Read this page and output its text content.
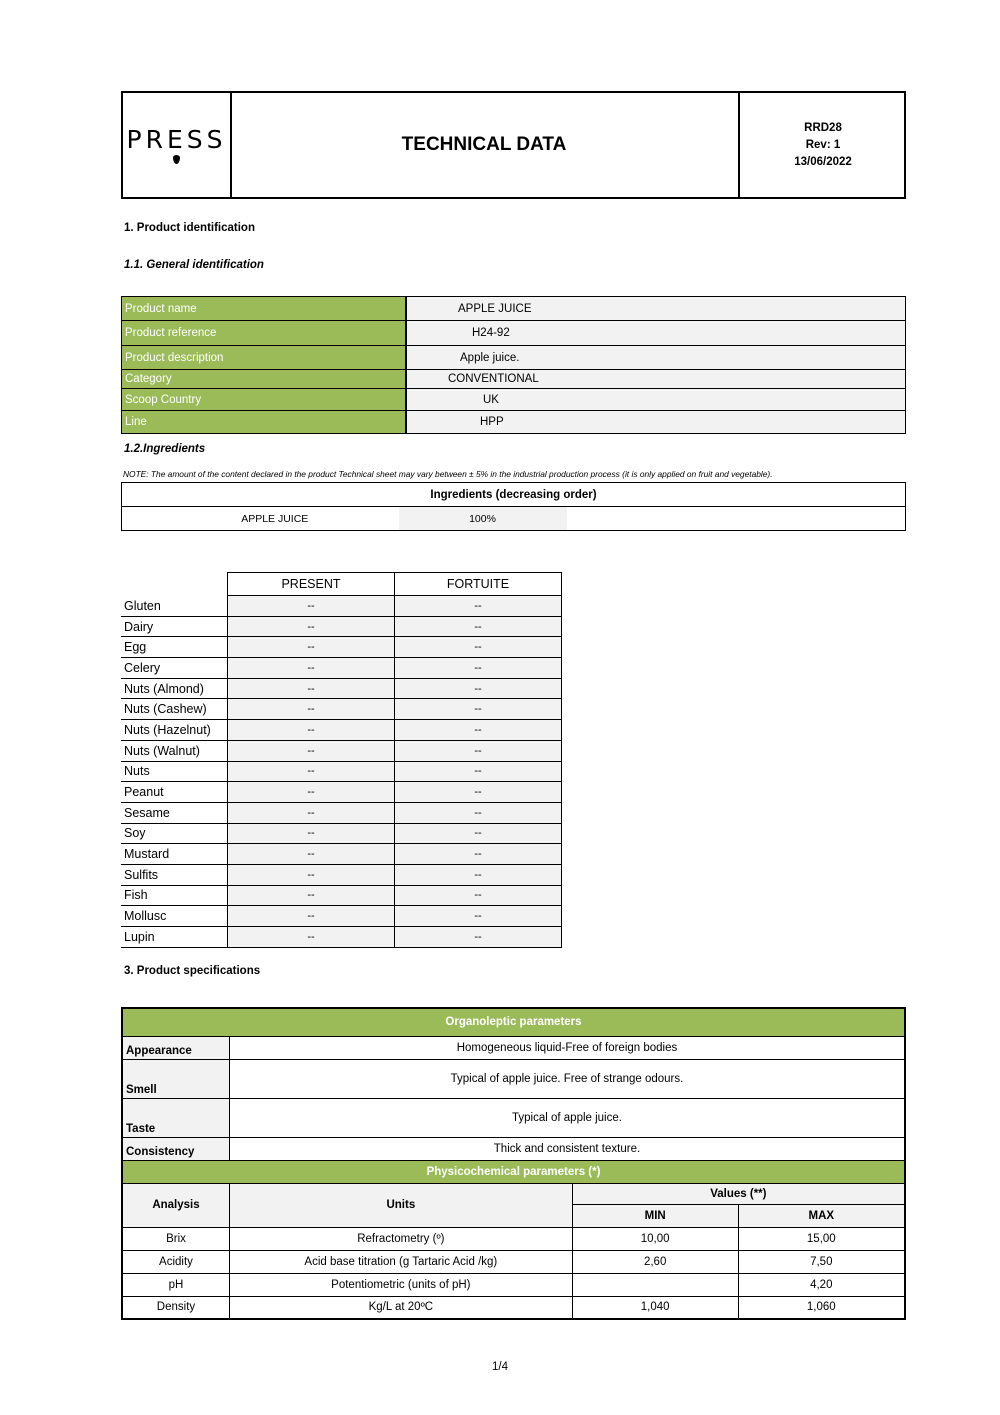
PRESS	TECHNICAL DATA
RRD28
Rev: 1
13/06/2022
1. Product identification
1.1. General identification
Product name	APPLE JUICE
Product reference	H24-92
Product description	Apple juice.
Category	CONVENTIONAL
Scoop Country	UK
Line	HPP
1.2.Ingredients
NOTE: The amount of the content declared in the product Technical sheet may vary between ± 5% in the industrial production process (it is only applied on fruit and vegetable).
Ingredients (decreasing order)
APPLE JUICE	100%	
	PRESENT	FORTUITE
Gluten	--	--
Dairy	--	--
Egg	--	--
Celery	--	--
Nuts (Almond)	--	--
Nuts (Cashew)	--	--
Nuts (Hazelnut)	--	--
Nuts (Walnut)	--	--
Nuts	--	--
Peanut	--	--
Sesame	--	--
Soy	--	--
Mustard	--	--
Sulfits	--	--
Fish	--	--
Mollusc	--	--
Lupin	--	--
3. Product specifications
Organoleptic parameters			
Appearance	Homogeneous liquid-Free of foreign bodies		
Smell	Typical of apple juice. Free of strange odours.		
Taste	Typical of apple juice.		
Consistency	Thick and consistent texture.		
Physicochemical parameters (*)			
Analysis	Units	Values (**)	
		MIN	MAX
Brix	Refractometry (º)	10,00	15,00
Acidity	Acid base titration (g Tartaric Acid /kg)	2,60	7,50
pH	Potentiometric (units of pH)		4,20
Density	Kg/L at 20ºC	1,040	1,060
1/4
